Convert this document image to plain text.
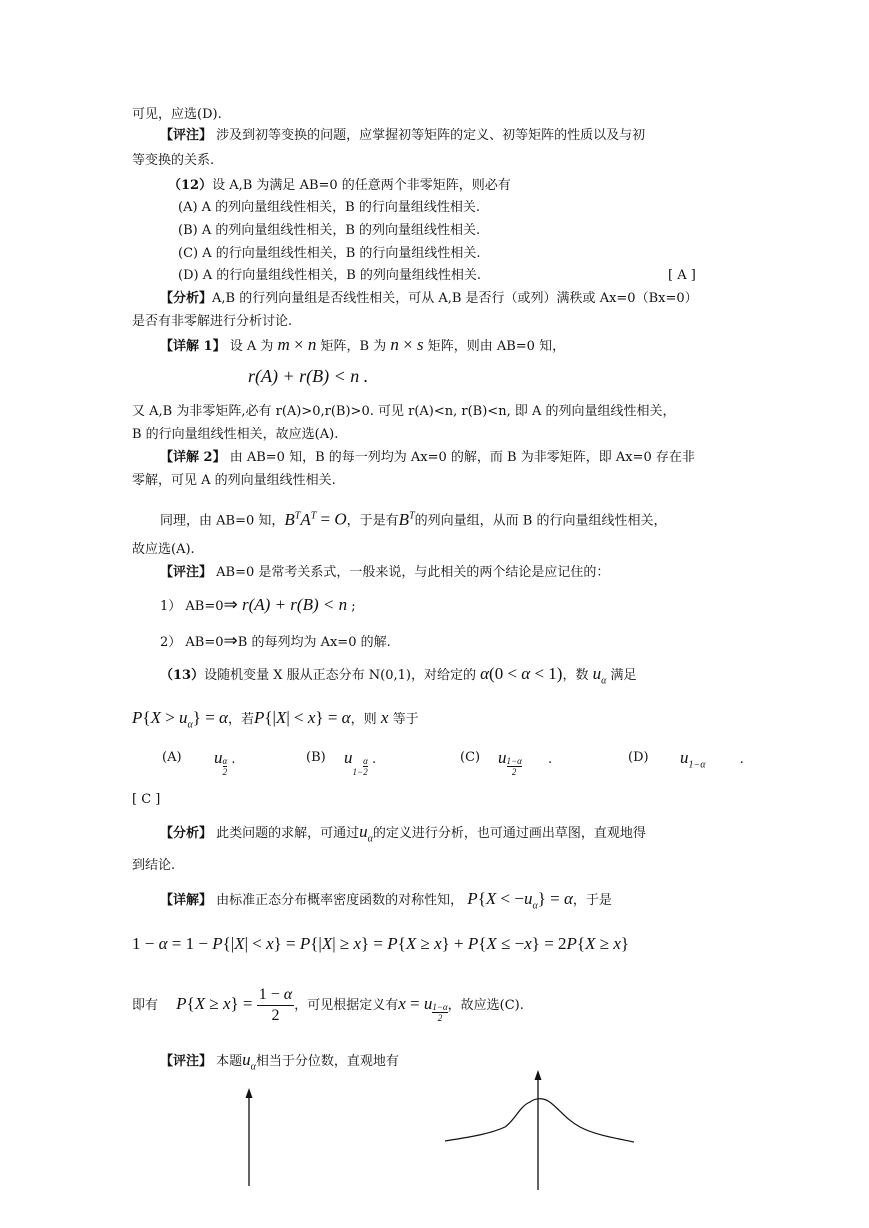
可见，应选(D).
【评注】 涉及到初等变换的问题，应掌握初等矩阵的定义、初等矩阵的性质以及与初
等变换的关系.
（12）设 A,B 为满足 AB=0 的任意两个非零矩阵，则必有
(A) A 的列向量组线性相关，B 的行向量组线性相关.
(B) A 的列向量组线性相关，B 的列向量组线性相关.
(C) A 的行向量组线性相关，B 的行向量组线性相关.
(D) A 的行向量组线性相关，B 的列向量组线性相关.	[ A ]
【分析】A,B 的行列向量组是否线性相关，可从 A,B 是否行（或列）满秩或 Ax=0（Bx=0）
是否有非零解进行分析讨论.
【详解 1】 设 A 为 m × n 矩阵，B 为 n × s 矩阵，则由 AB=0 知，
r(A) + r(B) < n .
又 A,B 为非零矩阵,必有 r(A)>0,r(B)>0. 可见 r(A)<n, r(B)<n, 即 A 的列向量组线性相关，
B 的行向量组线性相关，故应选(A).
【详解 2】 由 AB=0 知，B 的每一列均为 Ax=0 的解，而 B 为非零矩阵，即 Ax=0 存在非
零解，可见 A 的列向量组线性相关.
同理，由 AB=0 知，$B^TA^T = O$，于是有$B^T$的列向量组，从而 B 的行向量组线性相关，
故应选(A).
【评注】 AB=0 是常考关系式，一般来说，与此相关的两个结论是应记住的：
1） AB=0⇒ r(A) + r(B) < n ;
2） AB=0⇒B 的每列均为 Ax=0 的解.
（13）设随机变量 X 服从正态分布 N(0,1)，对给定的 α(0 < α < 1)，数 $u_\alpha$ 满足
$P\{X > u_\alpha\} = \alpha$，若P{|X| < x} = α，则 x 等于
(A) u $\frac{\alpha}{2}$ .	(B) $u1- \frac{\alpha}{2}$ .	(C) u $\frac{1-\alpha}{2}$ .	(D) $u_{1-\alpha}$	.
[ C ]
【分析】 此类问题的求解，可通过$u_\alpha$的定义进行分析，也可通过画出草图，直观地得
到结论.
【详解】 由标准正态分布概率密度函数的对称性知， $P\{X < -u_\alpha\} = \alpha$，于是
1 − α = 1 − P{|X| < x} = P{|X| ≥ x} = P{X ≥ x} + P{X ≤ −x} = 2P{X ≥ x}
即有 $P\{X \ge x\} = \frac{1 - \alpha}{2}$ ，可见根据定义有x = u $\frac{1-\alpha}{2}$，故应选(C).
【评注】 本题$u_\alpha$相当于分位数，直观地有
